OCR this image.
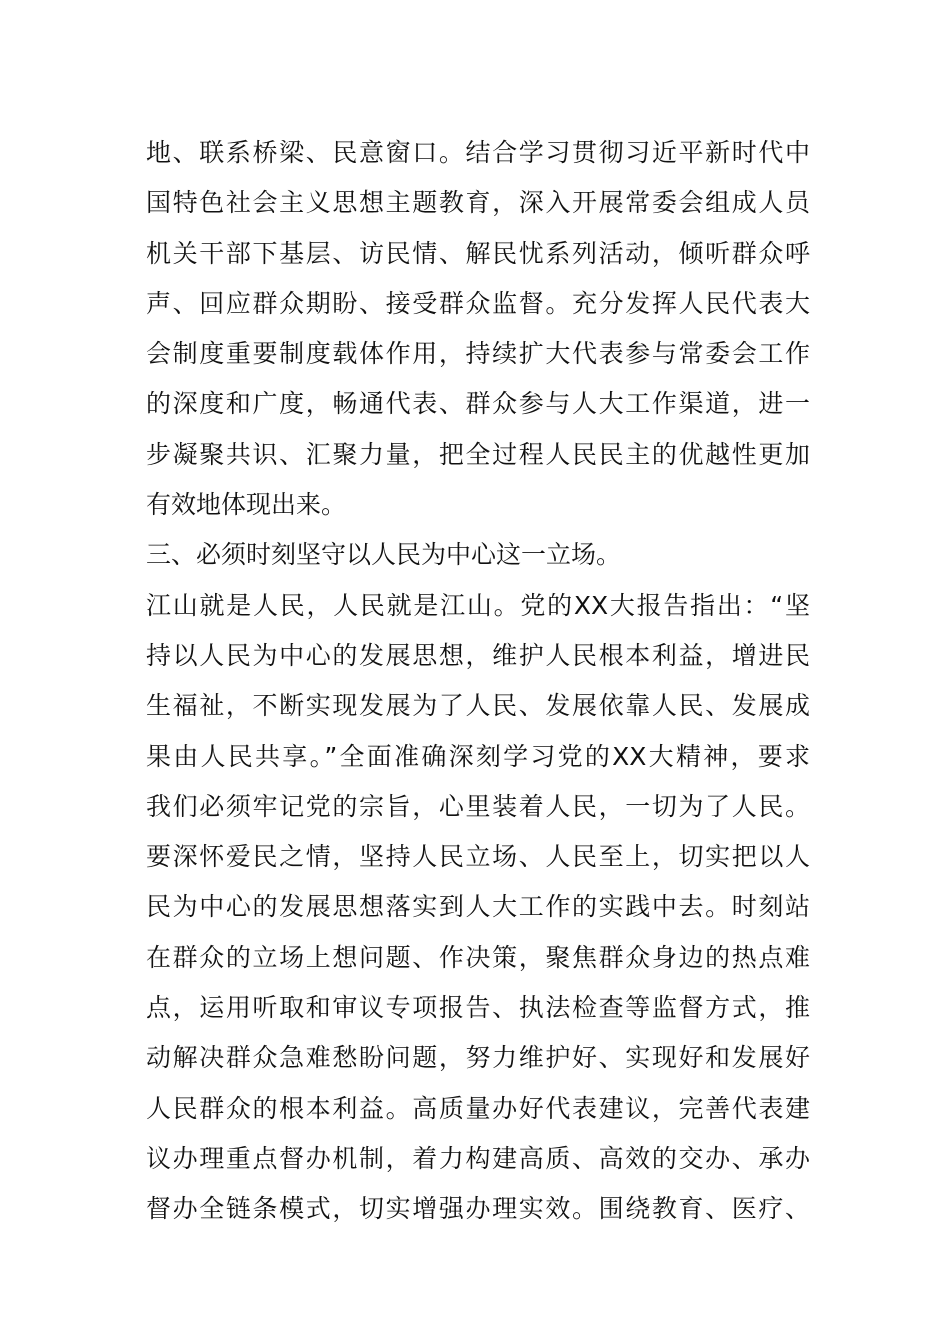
地、联系桥梁、民意窗口。结合学习贯彻习近平新时代中
国特色社会主义思想主题教育，深入开展常委会组成人员
机关干部下基层、访民情、解民忧系列活动，倾听群众呼
声、回应群众期盼、接受群众监督。充分发挥人民代表大
会制度重要制度载体作用，持续扩大代表参与常委会工作
的深度和广度，畅通代表、群众参与人大工作渠道，进一
步凝聚共识、汇聚力量，把全过程人民民主的优越性更加
有效地体现出来。
三、必须时刻坚守以人民为中心这一立场。
江山就是人民，人民就是江山。党的XX大报告指出：“坚
持以人民为中心的发展思想，维护人民根本利益，增进民
生福祉，不断实现发展为了人民、发展依靠人民、发展成
果由人民共享。”全面准确深刻学习党的XX大精神，要求
我们必须牢记党的宗旨，心里装着人民，一切为了人民。
要深怀爱民之情，坚持人民立场、人民至上，切实把以人
民为中心的发展思想落实到人大工作的实践中去。时刻站
在群众的立场上想问题、作决策，聚焦群众身边的热点难
点，运用听取和审议专项报告、执法检查等监督方式，推
动解决群众急难愁盼问题，努力维护好、实现好和发展好
人民群众的根本利益。高质量办好代表建议，完善代表建
议办理重点督办机制，着力构建高质、高效的交办、承办
督办全链条模式，切实增强办理实效。围绕教育、医疗、
